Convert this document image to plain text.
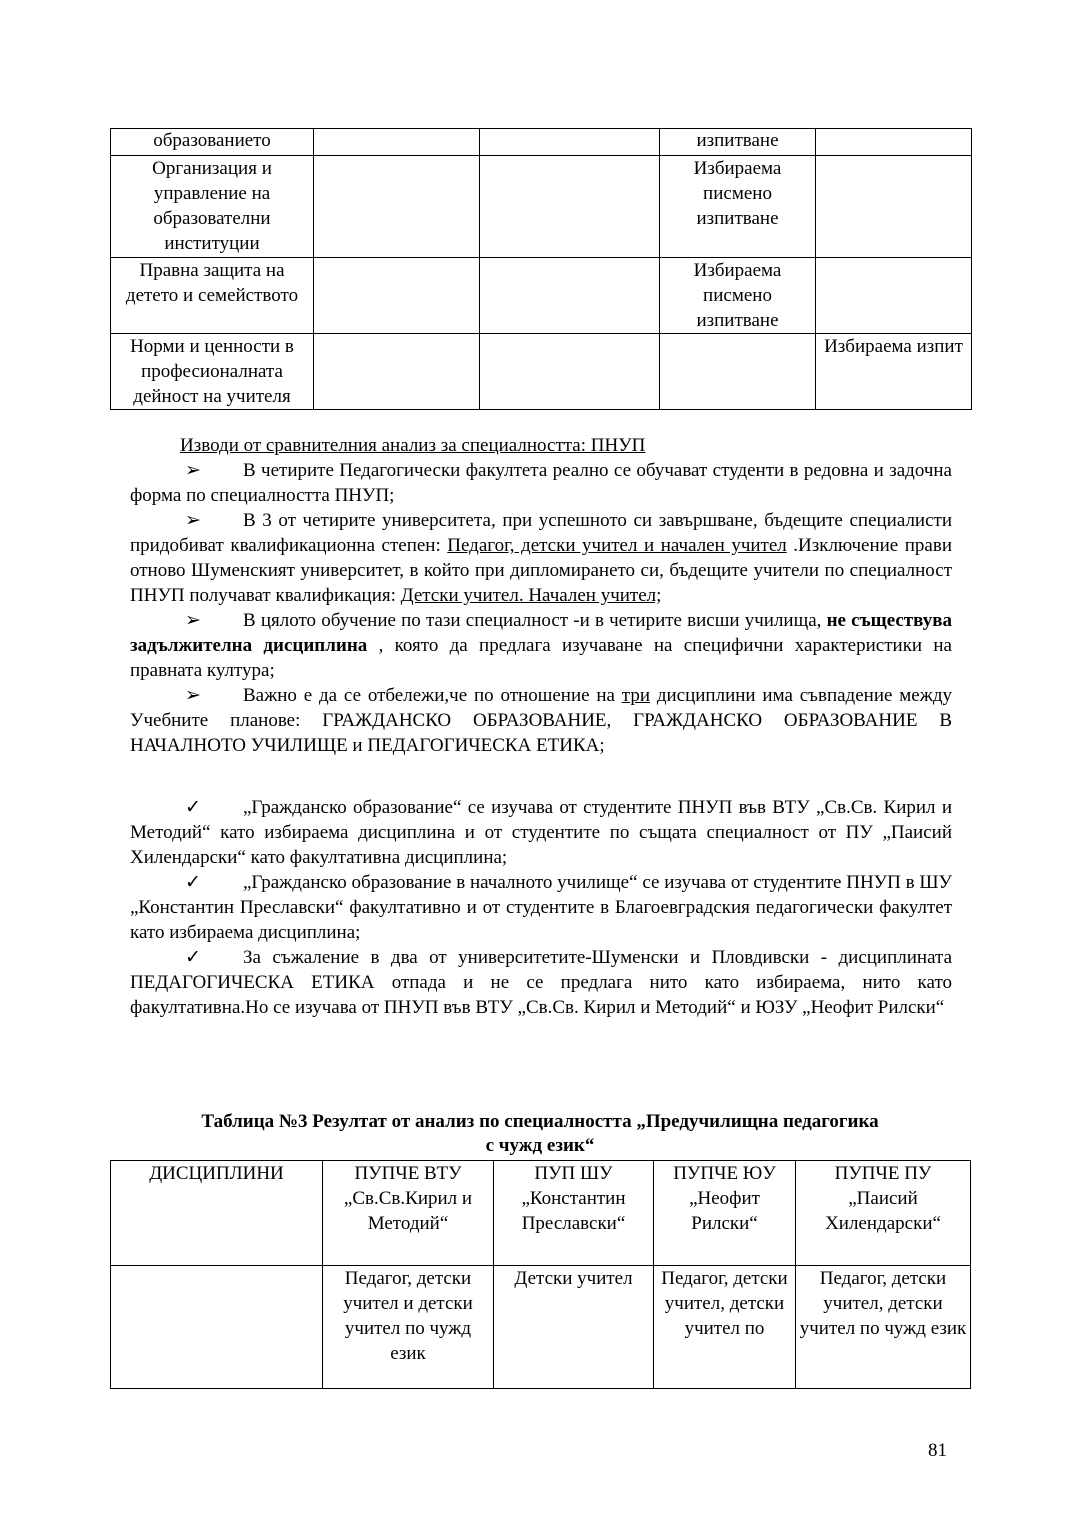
образованието			изпитване	
Организация и управление на образователни институции			Избираема писмено изпитване	
Правна защита на детето и семейството			Избираема писмено изпитване	
Норми и ценности в професионалната дейност на учителя				Избираема изпит

Изводи от сравнителния анализ за специалността: ПНУП

➢ В четирите Педагогически факултета реално се обучават студенти в редовна и задочна форма по специалността ПНУП;

➢ В 3 от четирите университета, при успешното си завършване, бъдещите специалисти придобиват квалификационна степен: Педагог, детски учител и начален учител .Изключение прави отново Шуменският университет, в който при дипломирането си, бъдещите учители по специалност ПНУП получават квалификация: Детски учител. Начален учител;

➢ В цялото обучение по тази специалност -и в четирите висши училища, не съществува задължителна дисциплина , която да предлага изучаване на специфични характеристики на правната култура;

➢ Важно е да се отбележи,че по отношение на три дисциплини има съвпадение между Учебните планове: ГРАЖДАНСКО ОБРАЗОВАНИЕ, ГРАЖДАНСКО ОБРАЗОВАНИЕ В НАЧАЛНОТО УЧИЛИЩЕ и ПЕДАГОГИЧЕСКА ЕТИКА;

✓ „Гражданско образование“ се изучава от студентите ПНУП във ВТУ „Св.Св. Кирил и Методий“ като избираема дисциплина и от студентите по същата специалност от ПУ „Паисий Хилендарски“ като факултативна дисциплина;

✓ „Гражданско образование в началното училище“ се изучава от студентите ПНУП в ШУ „Константин Преславски“ факултативно и от студентите в Благоевградския педагогически факултет като избираема дисциплина;

✓ За съжаление в два от университетите-Шуменски и Пловдивски - дисциплината ПЕДАГОГИЧЕСКА ЕТИКА отпада и не се предлага нито като избираема, нито като факултативна.Но се изучава от ПНУП във ВТУ „Св.Св. Кирил и Методий“ и ЮЗУ „Неофит Рилски“

Таблица №3 Резултат от анализ по специалността „Предучилищна педагогика
с чужд език“
ДИСЦИПЛИНИ	ПУПЧЕ ВТУ „Св.Св.Кирил и Методий“	ПУП ШУ „Константин Преславски“	ПУПЧЕ ЮУ „Неофит Рилски“	ПУПЧЕ ПУ „Паисий Хилендарски“
	Педагог, детски учител и детски учител по чужд език	Детски учител	Педагог, детски учител, детски учител по	Педагог, детски учител, детски учител по чужд език
81
